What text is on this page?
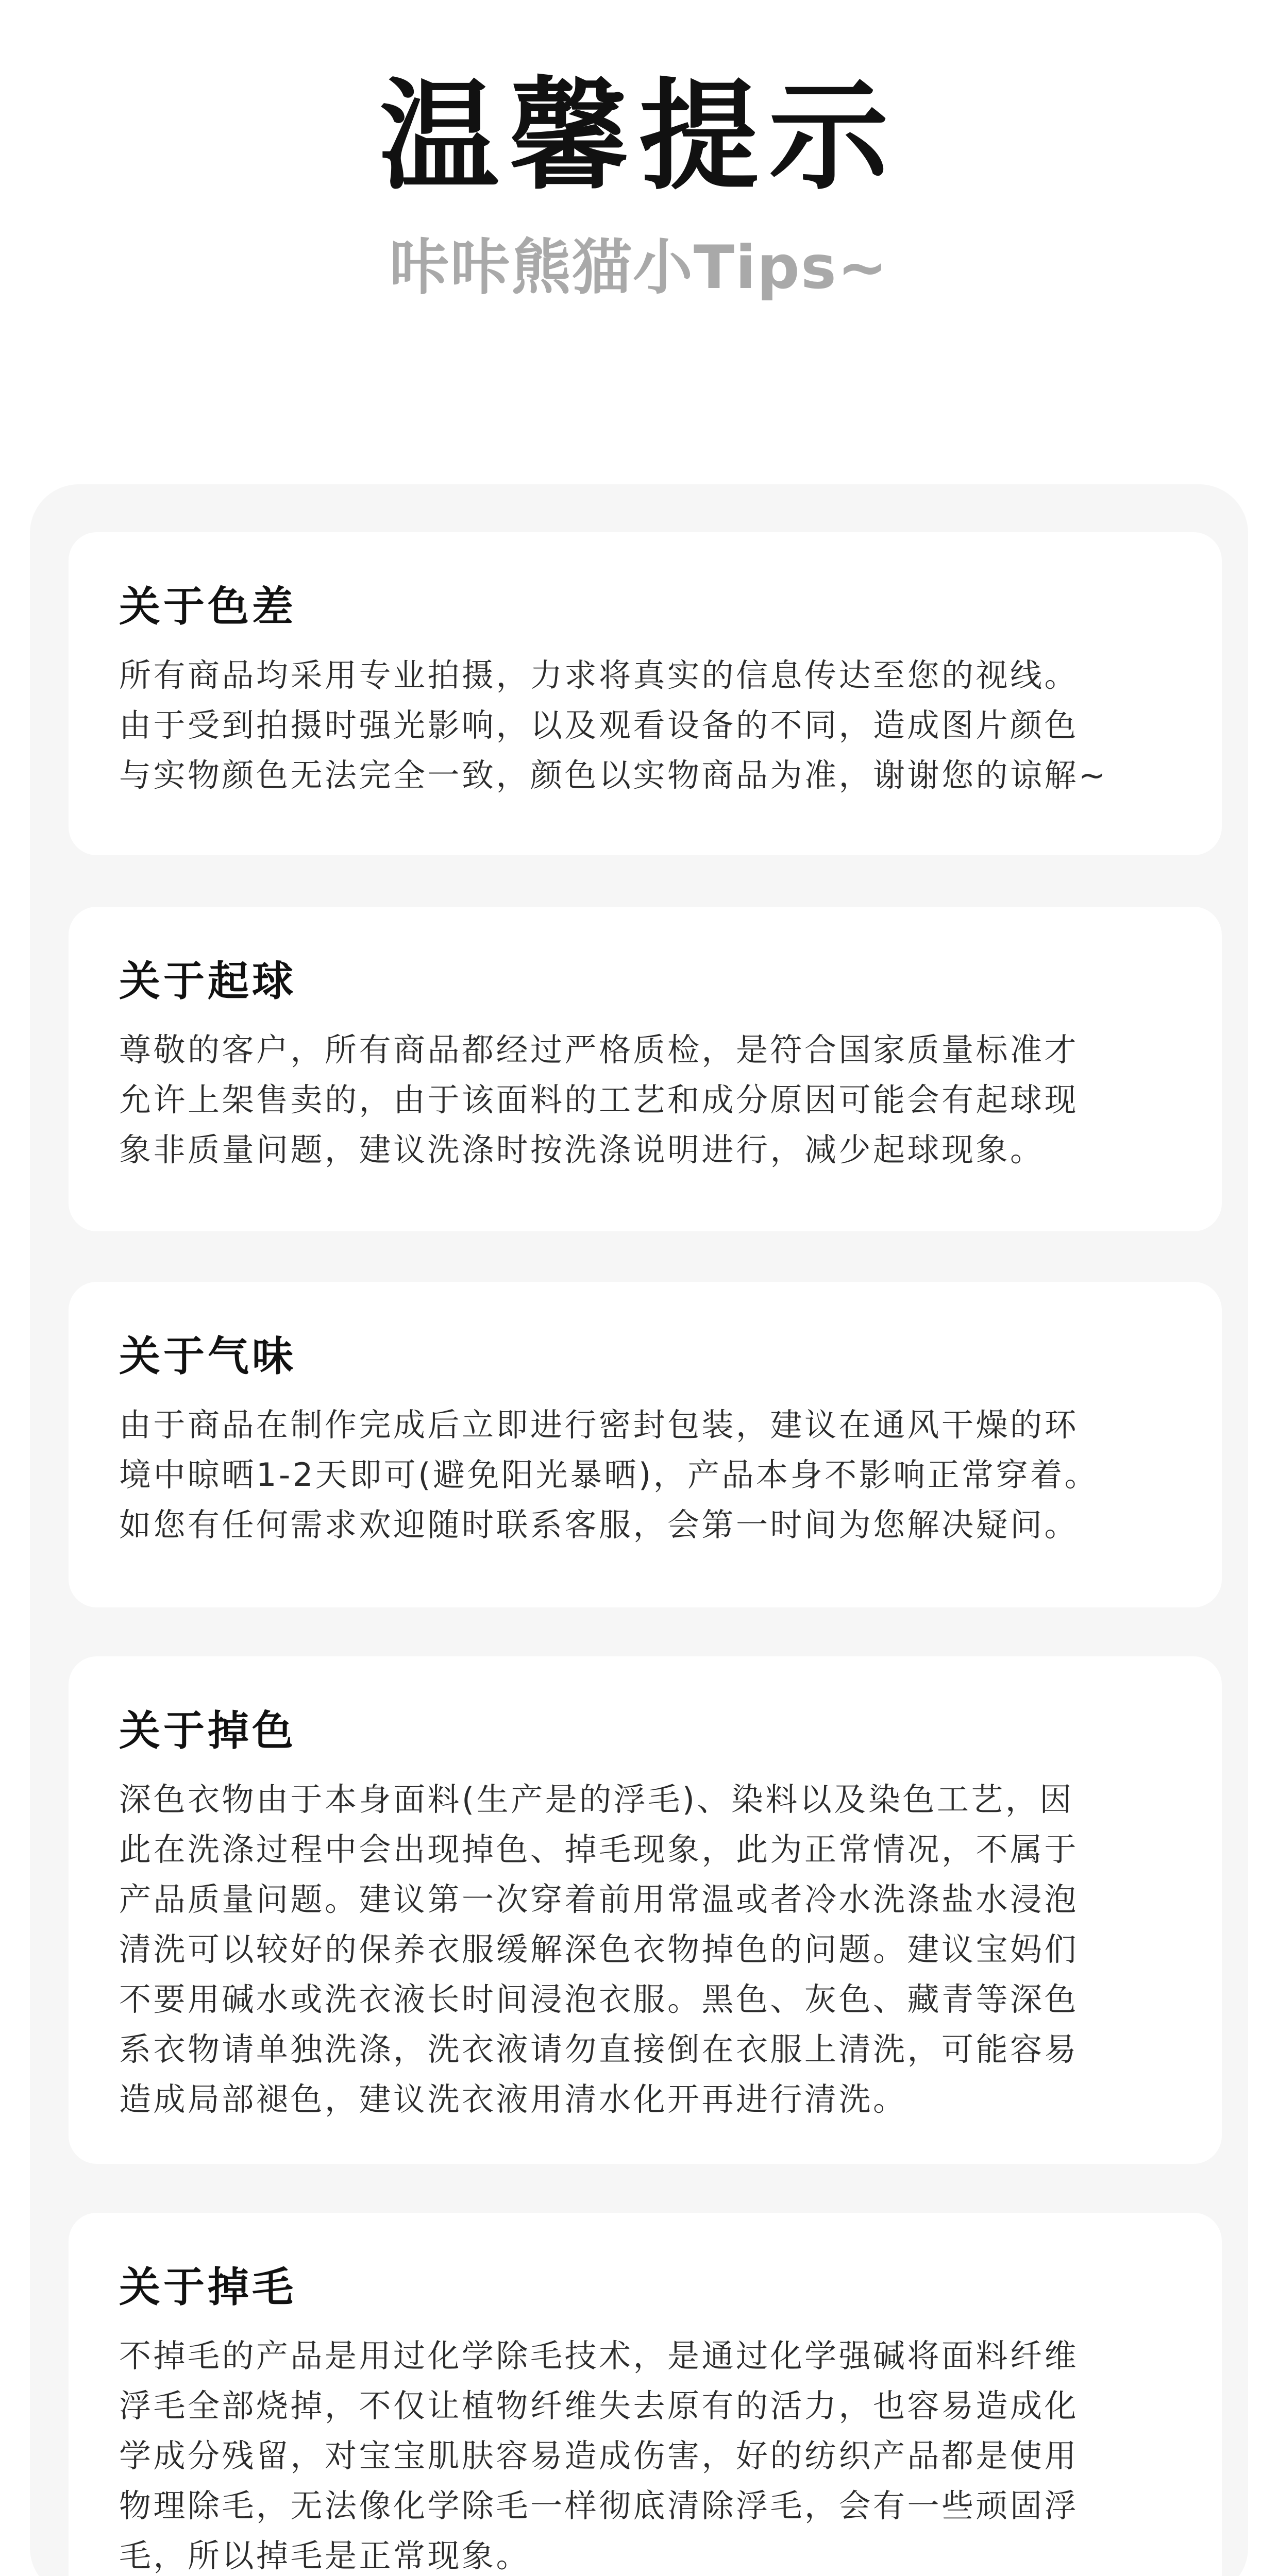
温馨提示
咔咔熊猫小Tips~
关于色差
所有商品均采用专业拍摄，力求将真实的信息传达至您的视线。
由于受到拍摄时强光影响，以及观看设备的不同，造成图片颜色
与实物颜色无法完全一致，颜色以实物商品为准，谢谢您的谅解~
关于起球
尊敬的客户，所有商品都经过严格质检，是符合国家质量标准才
允许上架售卖的，由于该面料的工艺和成分原因可能会有起球现
象非质量问题，建议洗涤时按洗涤说明进行，减少起球现象。
关于气味
由于商品在制作完成后立即进行密封包装，建议在通风干燥的环
境中晾晒1-2天即可(避免阳光暴晒)，产品本身不影响正常穿着。
如您有任何需求欢迎随时联系客服，会第一时间为您解决疑问。
关于掉色
深色衣物由于本身面料(生产是的浮毛)、染料以及染色工艺，因
此在洗涤过程中会出现掉色、掉毛现象，此为正常情况，不属于
产品质量问题。建议第一次穿着前用常温或者冷水洗涤盐水浸泡
清洗可以较好的保养衣服缓解深色衣物掉色的问题。建议宝妈们
不要用碱水或洗衣液长时间浸泡衣服。黑色、灰色、藏青等深色
系衣物请单独洗涤，洗衣液请勿直接倒在衣服上清洗，可能容易
造成局部褪色，建议洗衣液用清水化开再进行清洗。
关于掉毛
不掉毛的产品是用过化学除毛技术，是通过化学强碱将面料纤维
浮毛全部烧掉，不仅让植物纤维失去原有的活力，也容易造成化
学成分残留，对宝宝肌肤容易造成伤害，好的纺织产品都是使用
物理除毛，无法像化学除毛一样彻底清除浮毛，会有一些顽固浮
毛，所以掉毛是正常现象。
